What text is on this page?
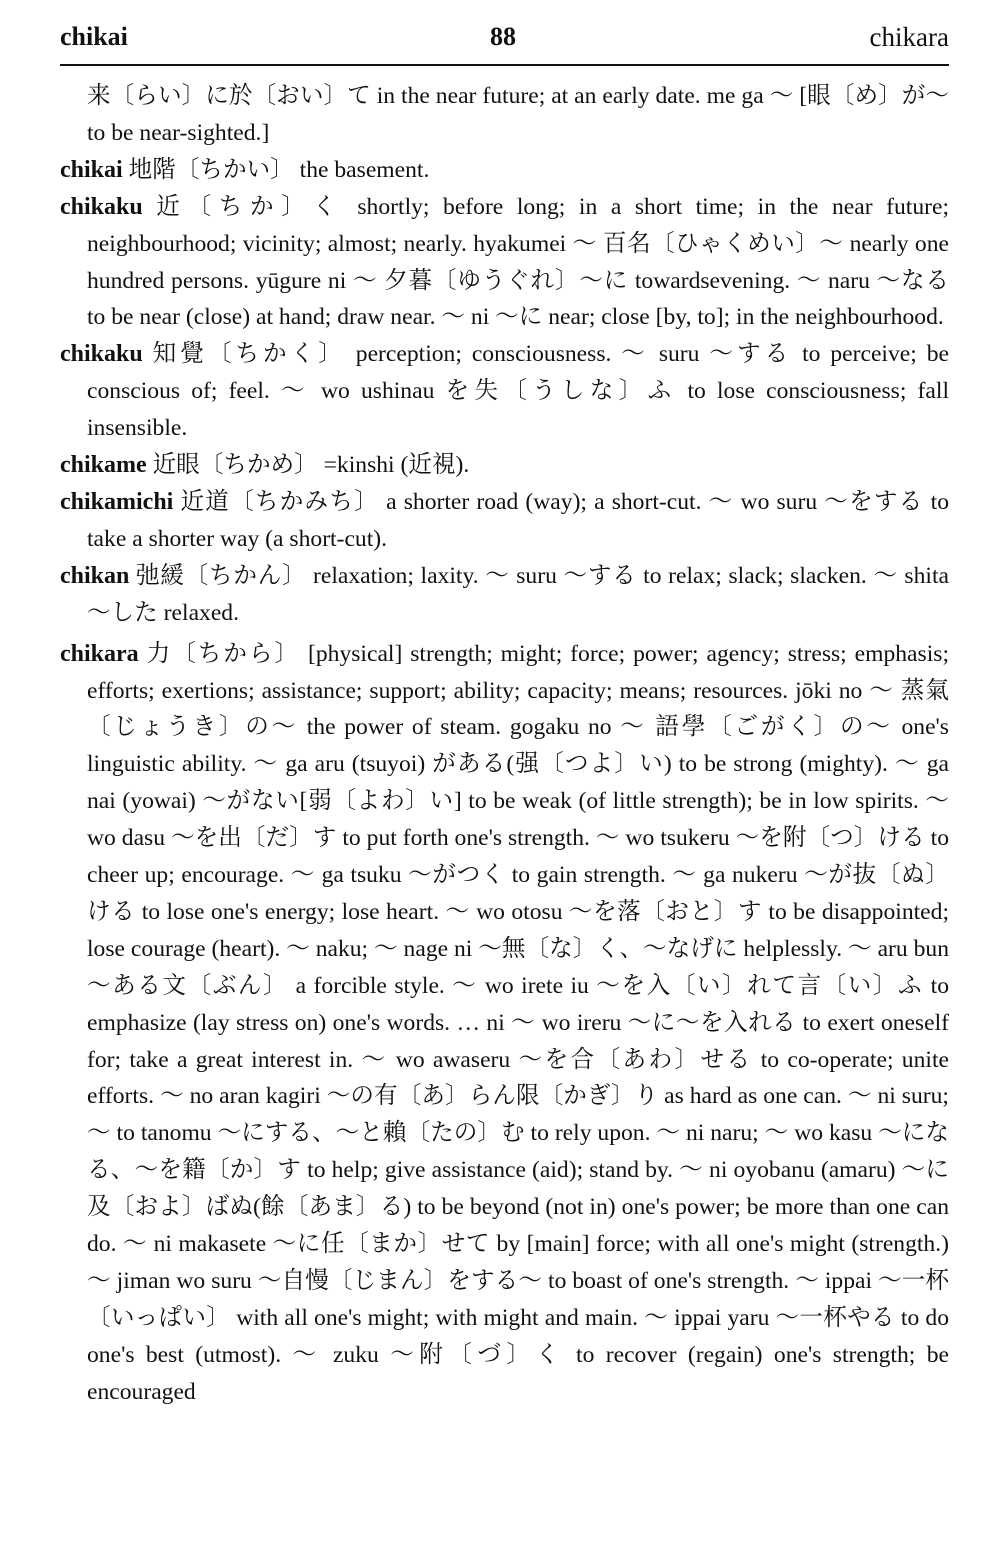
chikai	88	chikara

来〔らい〕に於〔おい〕て in the near future; at an early date. me ga ～ [眼〔め〕が～ to be near-sighted.]

chikai 地階〔ちかい〕 the basement.

chikaku 近〔ちか〕く shortly; before long; in a short time; in the near future; neighbourhood; vicinity; almost; nearly. hyakumei ～ 百名〔ひゃくめい〕～ nearly one hundred persons. yūgure ni ～ 夕暮〔ゆうぐれ〕～に towardsevening. ～ naru ～なる to be near (close) at hand; draw near. ～ ni ～に near; close [by, to]; in the neighbourhood.

chikaku 知覺〔ちかく〕 perception; consciousness. ～ suru ～する to perceive; be conscious of; feel. ～ wo ushinau を失〔うしな〕ふ to lose consciousness; fall insensible.

chikame 近眼〔ちかめ〕 =kinshi (近視).

chikamichi 近道〔ちかみち〕 a shorter road (way); a short-cut. ～ wo suru ～をする to take a shorter way (a short-cut).

chikan 弛緩〔ちかん〕 relaxation; laxity. ～ suru ～する to relax; slack; slacken. ～ shita ～した relaxed.

chikara 力〔ちから〕 [physical] strength; might; force; power; agency; stress; emphasis; efforts; exertions; assistance; support; ability; capacity; means; resources. jōki no ～ 蒸氣〔じょうき〕の～ the power of steam. gogaku no ～ 語學〔ごがく〕の～ one's linguistic ability. ～ ga aru (tsuyoi) がある(强〔つよ〕い) to be strong (mighty). ～ ga nai (yowai) ～がない[弱〔よわ〕い] to be weak (of little strength); be in low spirits. ～ wo dasu ～を出〔だ〕す to put forth one's strength. ～ wo tsukeru ～を附〔つ〕ける to cheer up; encourage. ～ ga tsuku ～がつく to gain strength. ～ ga nukeru ～が抜〔ぬ〕ける to lose one's energy; lose heart. ～ wo otosu ～を落〔おと〕す to be disappointed; lose courage (heart). ～ naku; ～ nage ni ～無〔な〕く、～なげに helplessly. ～ aru bun ～ある文〔ぶん〕 a forcible style. ～ wo irete iu ～を入〔い〕れて言〔い〕ふ to emphasize (lay stress on) one's words. … ni ～ wo ireru ～に～を入れる to exert oneself for; take a great interest in. ～ wo awaseru ～を合〔あわ〕せる to co-operate; unite efforts. ～ no aran kagiri ～の有〔あ〕らん限〔かぎ〕り as hard as one can. ～ ni suru; ～ to tanomu ～にする、～と賴〔たの〕む to rely upon. ～ ni naru; ～ wo kasu ～になる、～を籍〔か〕す to help; give assistance (aid); stand by. ～ ni oyobanu (amaru) ～に及〔およ〕ばぬ(餘〔あま〕る) to be beyond (not in) one's power; be more than one can do. ～ ni makasete ～に任〔まか〕せて by [main] force; with all one's might (strength.) ～ jiman wo suru ～自慢〔じまん〕をする～ to boast of one's strength. ～ ippai ～一杯〔いっぱい〕 with all one's might; with might and main. ～ ippai yaru ～一杯やる to do one's best (utmost). ～ zuku ～附〔づ〕く to recover (regain) one's strength; be encouraged
